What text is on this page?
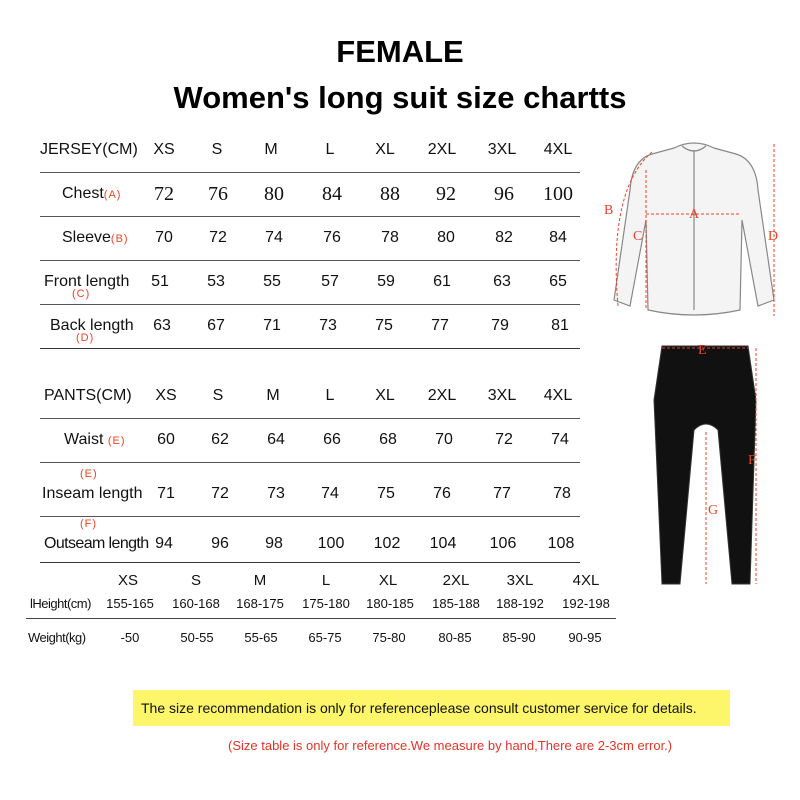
FEMALE
Women's long suit size chartts
JERSEY(CM) XS	S	M	L	XL	2XL 3XL 4XL
Chest(A)	72	76	80	84	88	92	96	100
Sleeve(B)	70	72	74	76	78	80	82	84
Front length
(C)
51	53	55	57	59	61	63	65
Back length
(D)
63	67	71	73	75	77	79	81
PANTS(CM) XS	S	M	L	XL	2XL 3XL 4XL
Waist (E)	60	62	64	66	68	70	72	74
(E)
Inseam length 71	72	73	74	75	76	77	78
(F)
Outseam length 94	96	98	100 102 104 106 108
XS	S	M	L	XL	2XL	3XL	4XL
lHeight(cm)	155-165	160-168	168-175	175-180	180-185	185-188	188-192	192-198
Weight(kg)	-50	50-55	55-65	65-75	75-80	80-85	85-90	90-95
A
B
C	D
E
F
G
The size recommendation is only for referenceplease consult customer service for details.
(Size table is only for reference.We measure by hand,There are 2-3cm error.)
